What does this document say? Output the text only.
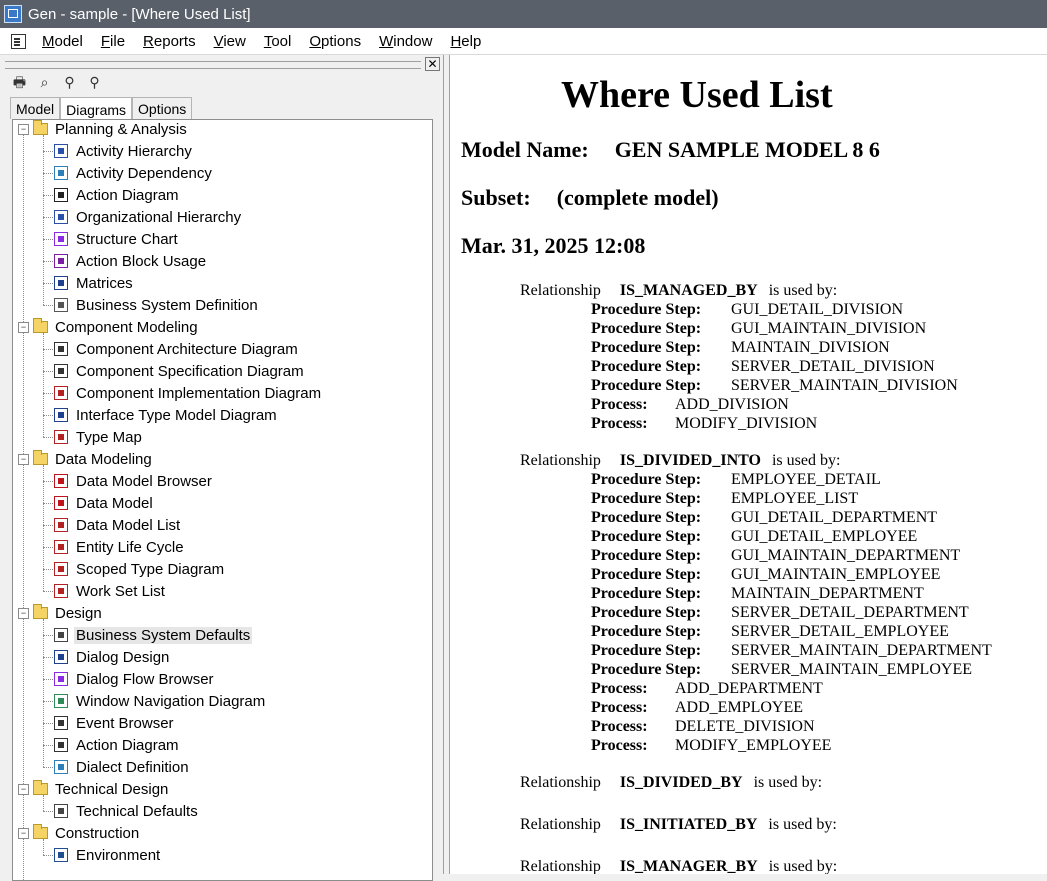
Gen - sample - [Where Used List]
Model	File	Reports	View	Tool	Options	Window	Help
✕
🖶	⌕	⚲	⚲
Model Diagrams Options
− Planning & Analysis
Activity Hierarchy
Activity Dependency
Action Diagram
Organizational Hierarchy
Structure Chart
Action Block Usage
Matrices
Business System Definition
− Component Modeling
Component Architecture Diagram
Component Specification Diagram
Component Implementation Diagram
Interface Type Model Diagram
Type Map
− Data Modeling
Data Model Browser
Data Model
Data Model List
Entity Life Cycle
Scoped Type Diagram
Work Set List
− Design
Business System Defaults
Dialog Design
Dialog Flow Browser
Window Navigation Diagram
Event Browser
Action Diagram
Dialect Definition
− Technical Design
Technical Defaults
− Construction
Environment
Where Used List
Model Name: GEN SAMPLE MODEL 8 6
Subset: (complete model)
Mar. 31, 2025 12:08
Relationship IS_MANAGED_BY is used by:
Procedure Step: GUI_DETAIL_DIVISION
Procedure Step: GUI_MAINTAIN_DIVISION
Procedure Step: MAINTAIN_DIVISION
Procedure Step: SERVER_DETAIL_DIVISION
Procedure Step: SERVER_MAINTAIN_DIVISION
Process: ADD_DIVISION
Process: MODIFY_DIVISION
Relationship IS_DIVIDED_INTO is used by:
Procedure Step: EMPLOYEE_DETAIL
Procedure Step: EMPLOYEE_LIST
Procedure Step: GUI_DETAIL_DEPARTMENT
Procedure Step: GUI_DETAIL_EMPLOYEE
Procedure Step: GUI_MAINTAIN_DEPARTMENT
Procedure Step: GUI_MAINTAIN_EMPLOYEE
Procedure Step: MAINTAIN_DEPARTMENT
Procedure Step: SERVER_DETAIL_DEPARTMENT
Procedure Step: SERVER_DETAIL_EMPLOYEE
Procedure Step: SERVER_MAINTAIN_DEPARTMENT
Procedure Step: SERVER_MAINTAIN_EMPLOYEE
Process: ADD_DEPARTMENT
Process: ADD_EMPLOYEE
Process: DELETE_DIVISION
Process: MODIFY_EMPLOYEE
Relationship IS_DIVIDED_BY is used by:
Relationship IS_INITIATED_BY is used by:
Relationship IS_MANAGER_BY is used by:
